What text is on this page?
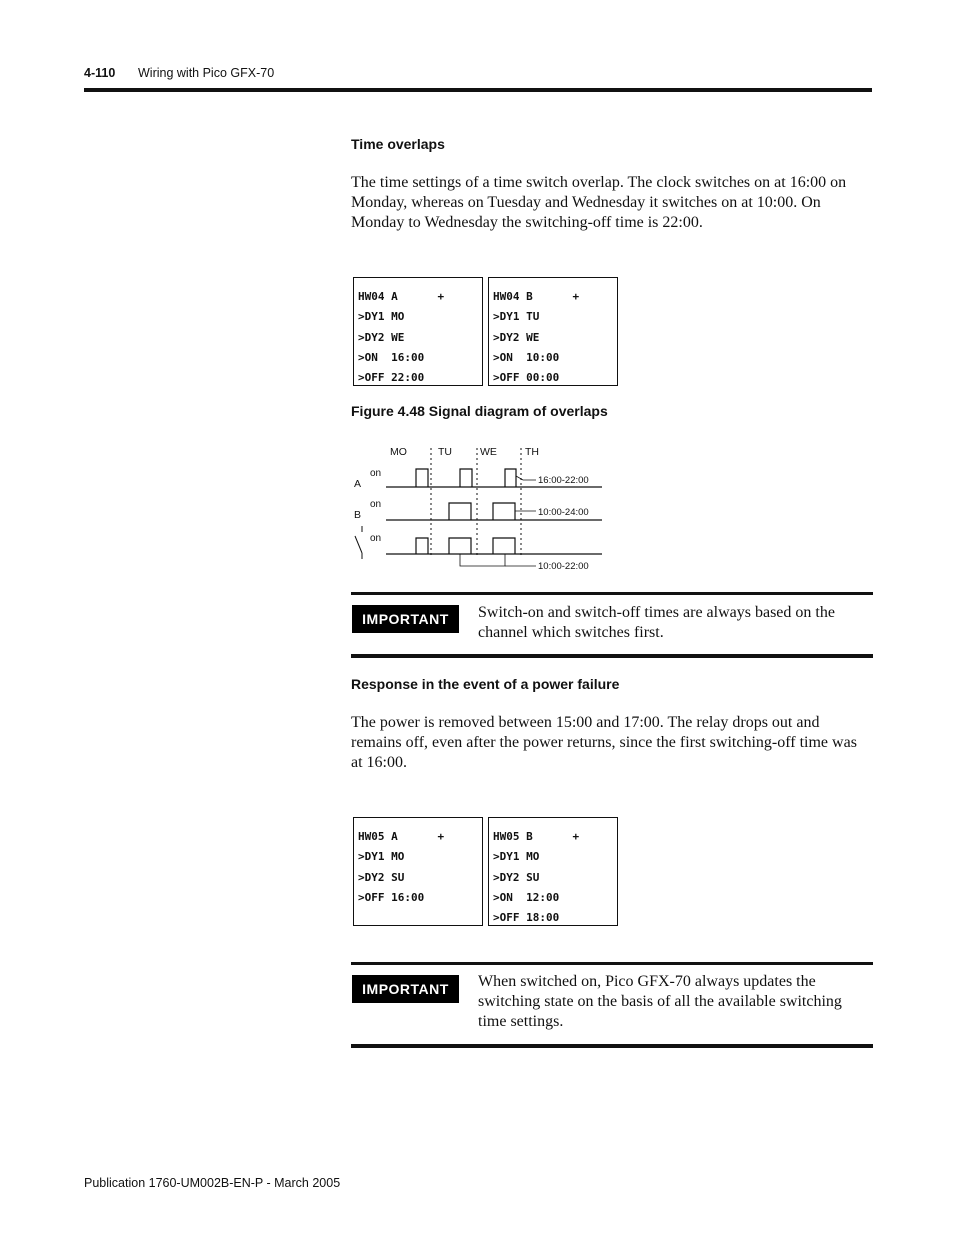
4-110 Wiring with Pico GFX-70
Time overlaps
The time settings of a time switch overlap. The clock switches on at 16:00 on Monday, whereas on Tuesday and Wednesday it switches on at 10:00. On Monday to Wednesday the switching-off time is 22:00.
HW04 A      +
>DY1 MO
>DY2 WE
>ON  16:00
>OFF 22:00
HW04 B      +
>DY1 TU
>DY2 WE
>ON  10:00
>OFF 00:00
Figure 4.48 Signal diagram of overlaps
MO	TU	WE	TH
A
on
B
on
on
16:00-22:00
10:00-24:00
10:00-22:00
IMPORTANT	Switch-on and switch-off times are always based on the channel which switches first.
Response in the event of a power failure
The power is removed between 15:00 and 17:00. The relay drops out and remains off, even after the power returns, since the first switching-off time was at 16:00.
HW05 A      +
>DY1 MO
>DY2 SU
>OFF 16:00
HW05 B      +
>DY1 MO
>DY2 SU
>ON  12:00
>OFF 18:00
IMPORTANT	When switched on, Pico GFX-70 always updates the switching state on the basis of all the available switching time settings.
Publication 1760-UM002B-EN-P - March 2005
